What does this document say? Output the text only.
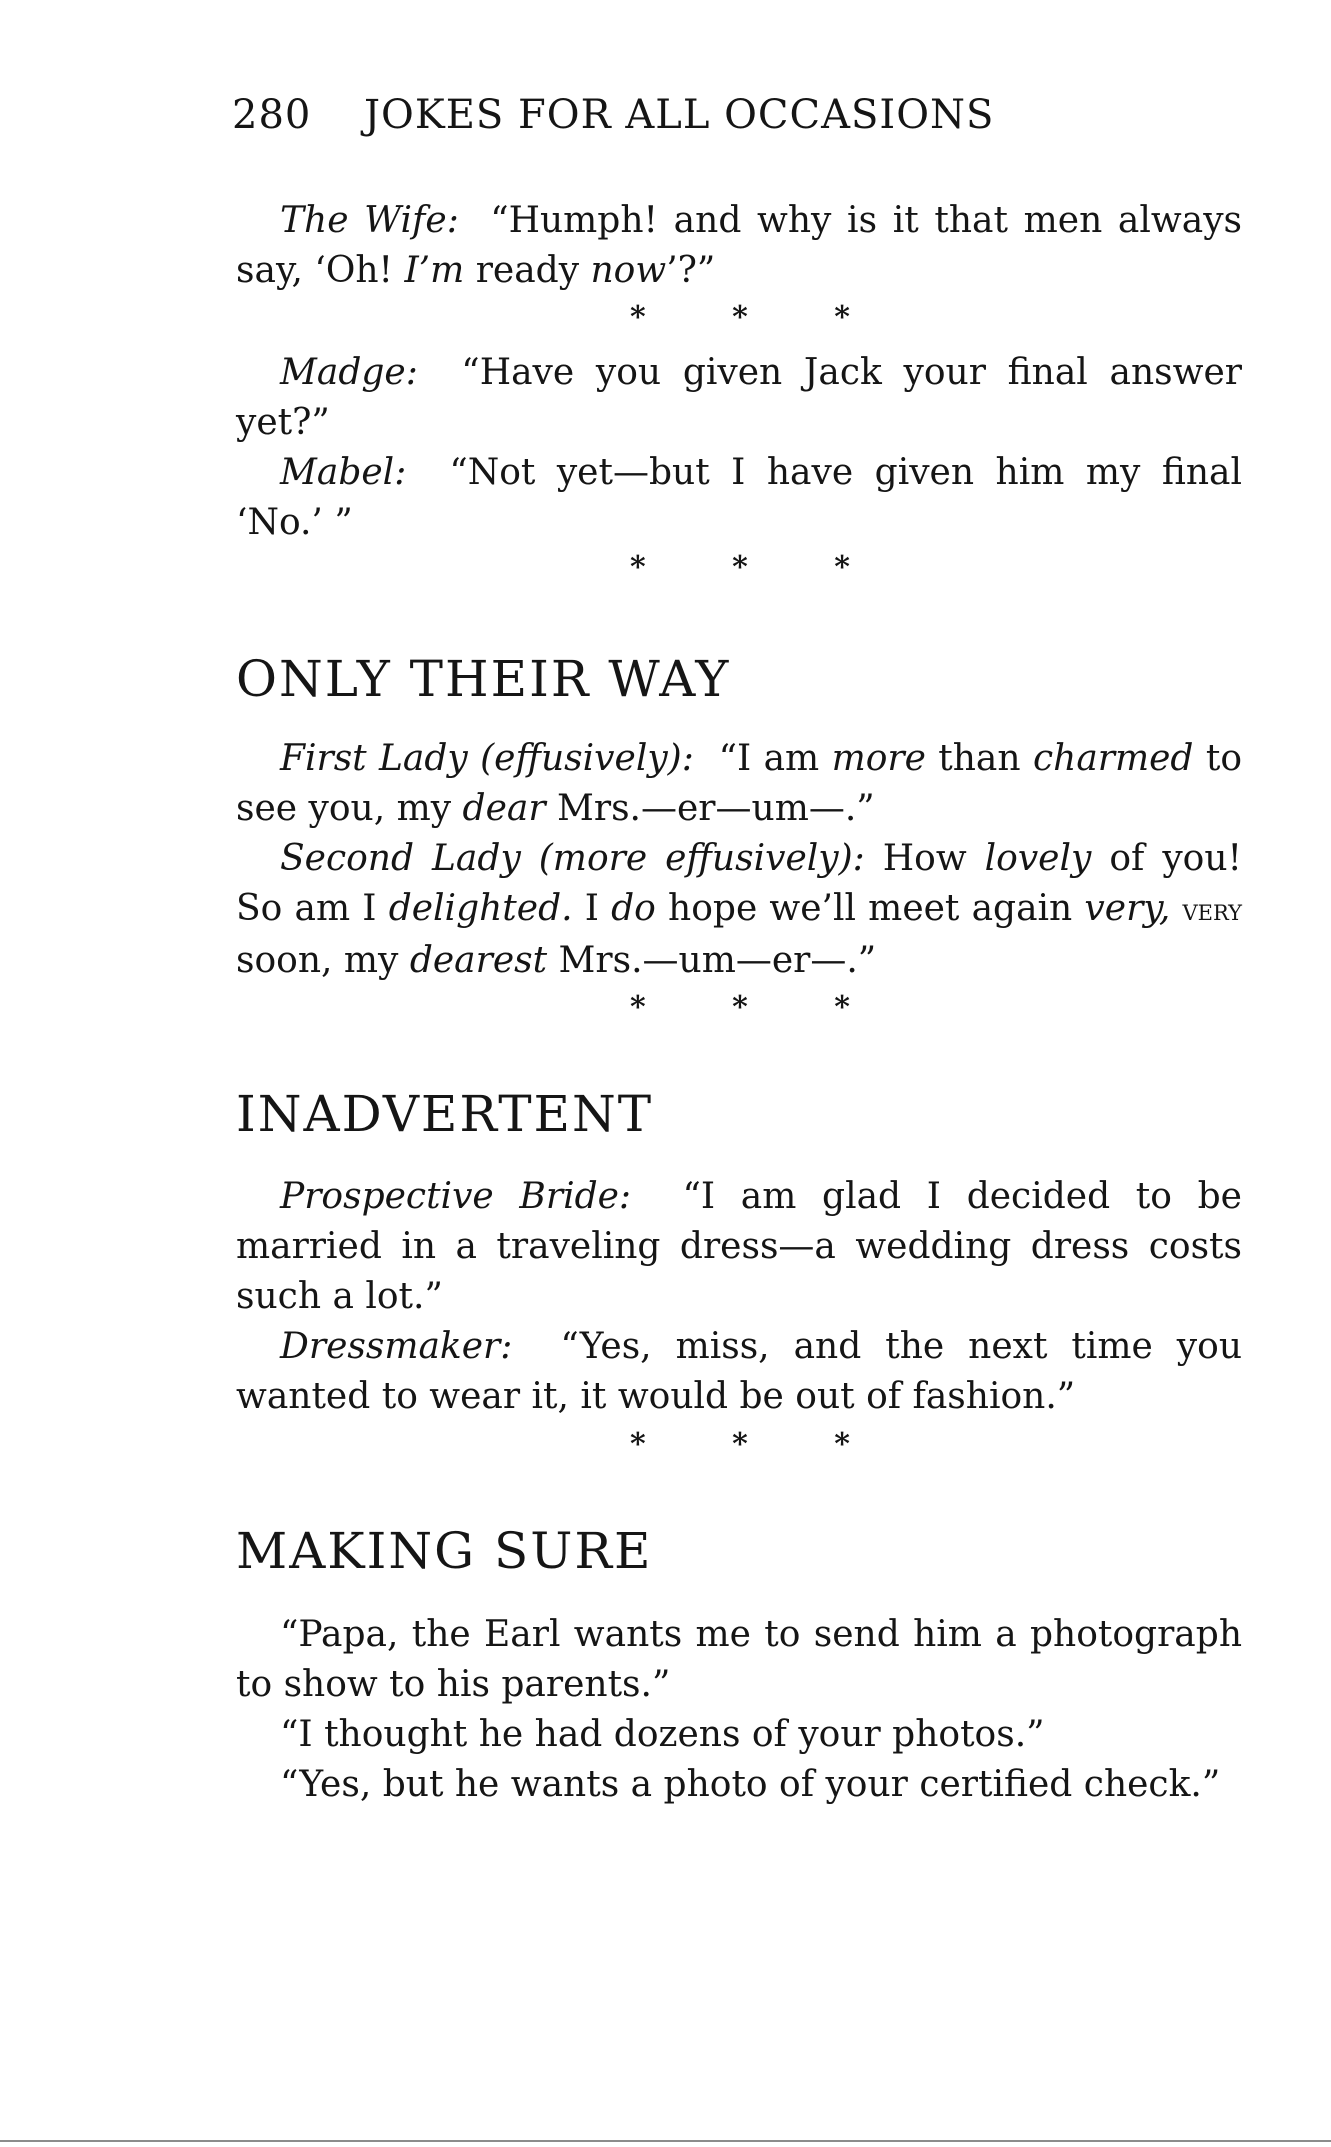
280 JOKES FOR ALL OCCASIONS

The Wife: “Humph! and why is it that men always say, ‘Oh! I’m ready now’?”

*	*	*

Madge: “Have you given Jack your final answer yet?”

Mabel: “Not yet—but I have given him my final ‘No.’ ”

*	*	*
ONLY THEIR WAY

First Lady (effusively): “I am more than charmed to see you, my dear Mrs.—er—um—.”

Second Lady (more effusively): How lovely of you! So am I delighted. I do hope we’ll meet again very, very soon, my dearest Mrs.—um—er—.”

*	*	*
INADVERTENT

Prospective Bride: “I am glad I decided to be married in a traveling dress—a wedding dress costs such a lot.”

Dressmaker: “Yes, miss, and the next time you wanted to wear it, it would be out of fashion.”

*	*	*
MAKING SURE

“Papa, the Earl wants me to send him a photograph to show to his parents.”

“I thought he had dozens of your photos.”

“Yes, but he wants a photo of your certified check.”
